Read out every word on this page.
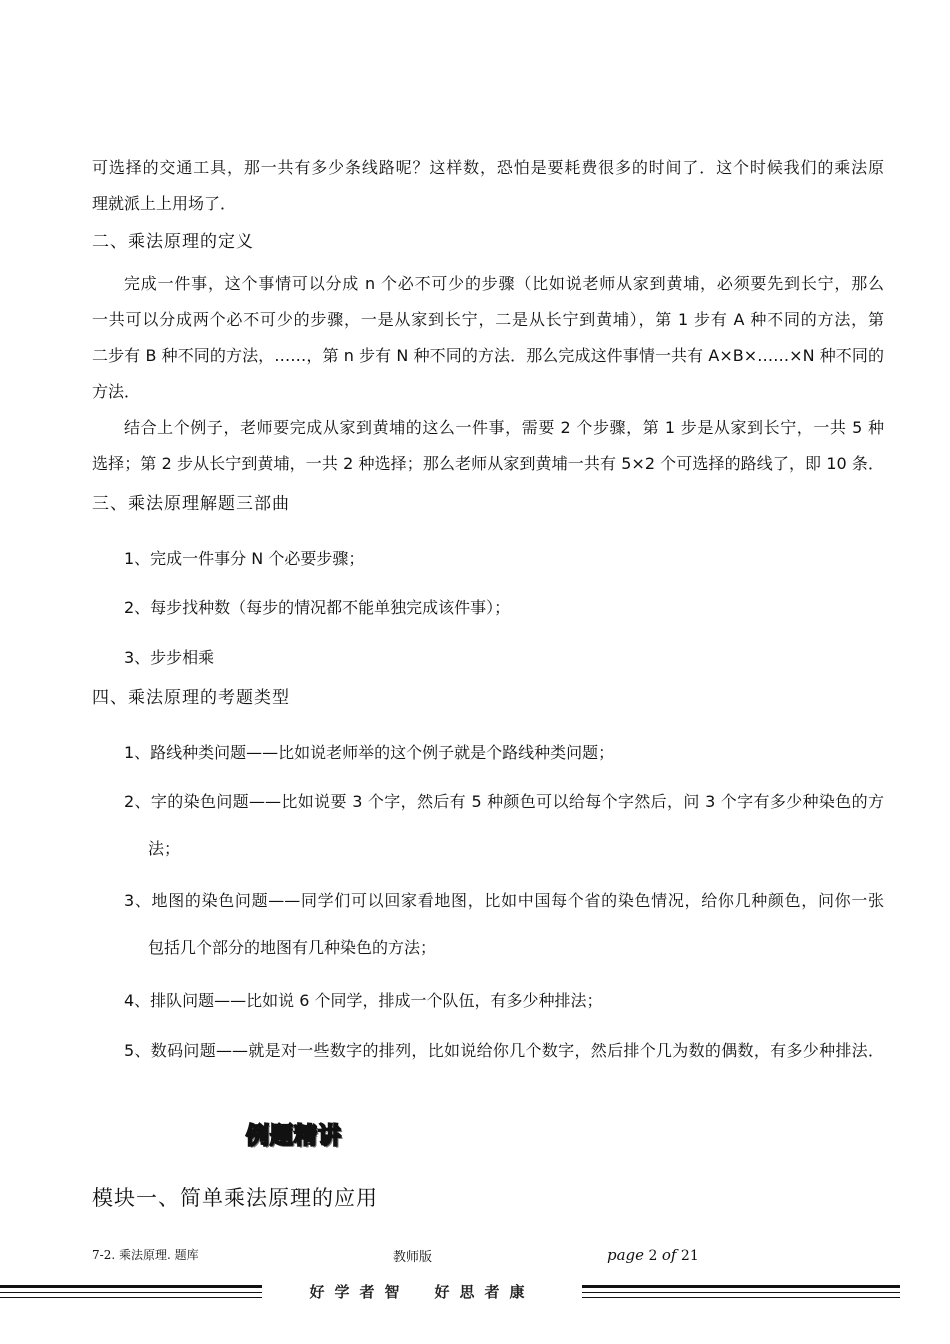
可选择的交通工具，那一共有多少条线路呢？这样数，恐怕是要耗费很多的时间了．这个时候我们的乘法原
理就派上上用场了．
二、乘法原理的定义
完成一件事，这个事情可以分成 n 个必不可少的步骤（比如说老师从家到黄埔，必须要先到长宁，那么
一共可以分成两个必不可少的步骤，一是从家到长宁，二是从长宁到黄埔），第 1 步有 A 种不同的方法，第
二步有 B 种不同的方法，……，第 n 步有 N 种不同的方法．那么完成这件事情一共有 A×B×……×N 种不同的
方法．
结合上个例子，老师要完成从家到黄埔的这么一件事，需要 2 个步骤，第 1 步是从家到长宁，一共 5 种
选择；第 2 步从长宁到黄埔，一共 2 种选择；那么老师从家到黄埔一共有 5×2 个可选择的路线了，即 10 条．
三、乘法原理解题三部曲
1、完成一件事分 N 个必要步骤；
2、每步找种数（每步的情况都不能单独完成该件事）；
3、步步相乘
四、乘法原理的考题类型
1、路线种类问题——比如说老师举的这个例子就是个路线种类问题；
2、字的染色问题——比如说要 3 个字，然后有 5 种颜色可以给每个字然后，问 3 个字有多少种染色的方
法；
3、地图的染色问题——同学们可以回家看地图，比如中国每个省的染色情况，给你几种颜色，问你一张
包括几个部分的地图有几种染色的方法；
4、排队问题——比如说 6 个同学，排成一个队伍，有多少种排法；
5、数码问题——就是对一些数字的排列，比如说给你几个数字，然后排个几为数的偶数，有多少种排法．
例题精讲
模块一、简单乘法原理的应用
7-2. 乘法原理. 题库	教师版	page 2 of 21
好学者智　好思者康
